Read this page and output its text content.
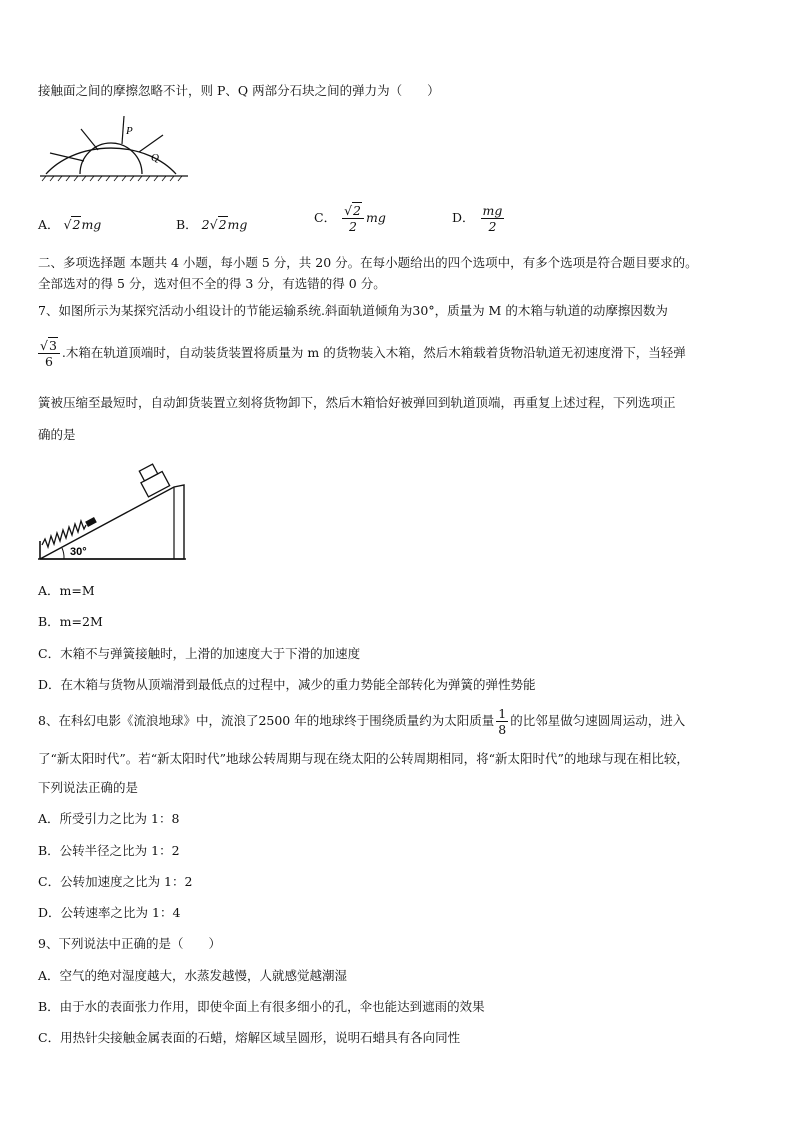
接触面之间的摩擦忽略不计，则 P、Q 两部分石块之间的弹力为（　　）
P
Q
A． √2mg	B． 2√2mg	C． $\frac{√2}{2}$ mg	D． $\frac{mg}{2}$
二、多项选择题 本题共 4 小题，每小题 5 分，共 20 分。在每小题给出的四个选项中，有多个选项是符合题目要求的。
全部选对的得 5 分，选对但不全的得 3 分，有选错的得 0 分。
7、如图所示为某探究活动小组设计的节能运输系统.斜面轨道倾角为30°，质量为 M 的木箱与轨道的动摩擦因数为
$\frac{√3}{6}$ .木箱在轨道顶端时，自动装货装置将质量为 m 的货物装入木箱，然后木箱载着货物沿轨道无初速度滑下，当轻弹
簧被压缩至最短时，自动卸货装置立刻将货物卸下，然后木箱恰好被弹回到轨道顶端，再重复上述过程，下列选项正
确的是
30°
A．m=M
B．m=2M
C．木箱不与弹簧接触时，上滑的加速度大于下滑的加速度
D．在木箱与货物从顶端滑到最低点的过程中，减少的重力势能全部转化为弹簧的弹性势能
8、在科幻电影《流浪地球》中，流浪了2500 年的地球终于围绕质量约为太阳质量 $\frac{1}{8}$ 的比邻星做匀速圆周运动，进入
了“新太阳时代”。若“新太阳时代”地球公转周期与现在绕太阳的公转周期相同，将“新太阳时代”的地球与现在相比较，
下列说法正确的是
A．所受引力之比为 1：8
B．公转半径之比为 1：2
C．公转加速度之比为 1：2
D．公转速率之比为 1：4
9、下列说法中正确的是（　　）
A．空气的绝对湿度越大，水蒸发越慢，人就感觉越潮湿
B．由于水的表面张力作用，即使伞面上有很多细小的孔，伞也能达到遮雨的效果
C．用热针尖接触金属表面的石蜡，熔解区域呈圆形，说明石蜡具有各向同性
